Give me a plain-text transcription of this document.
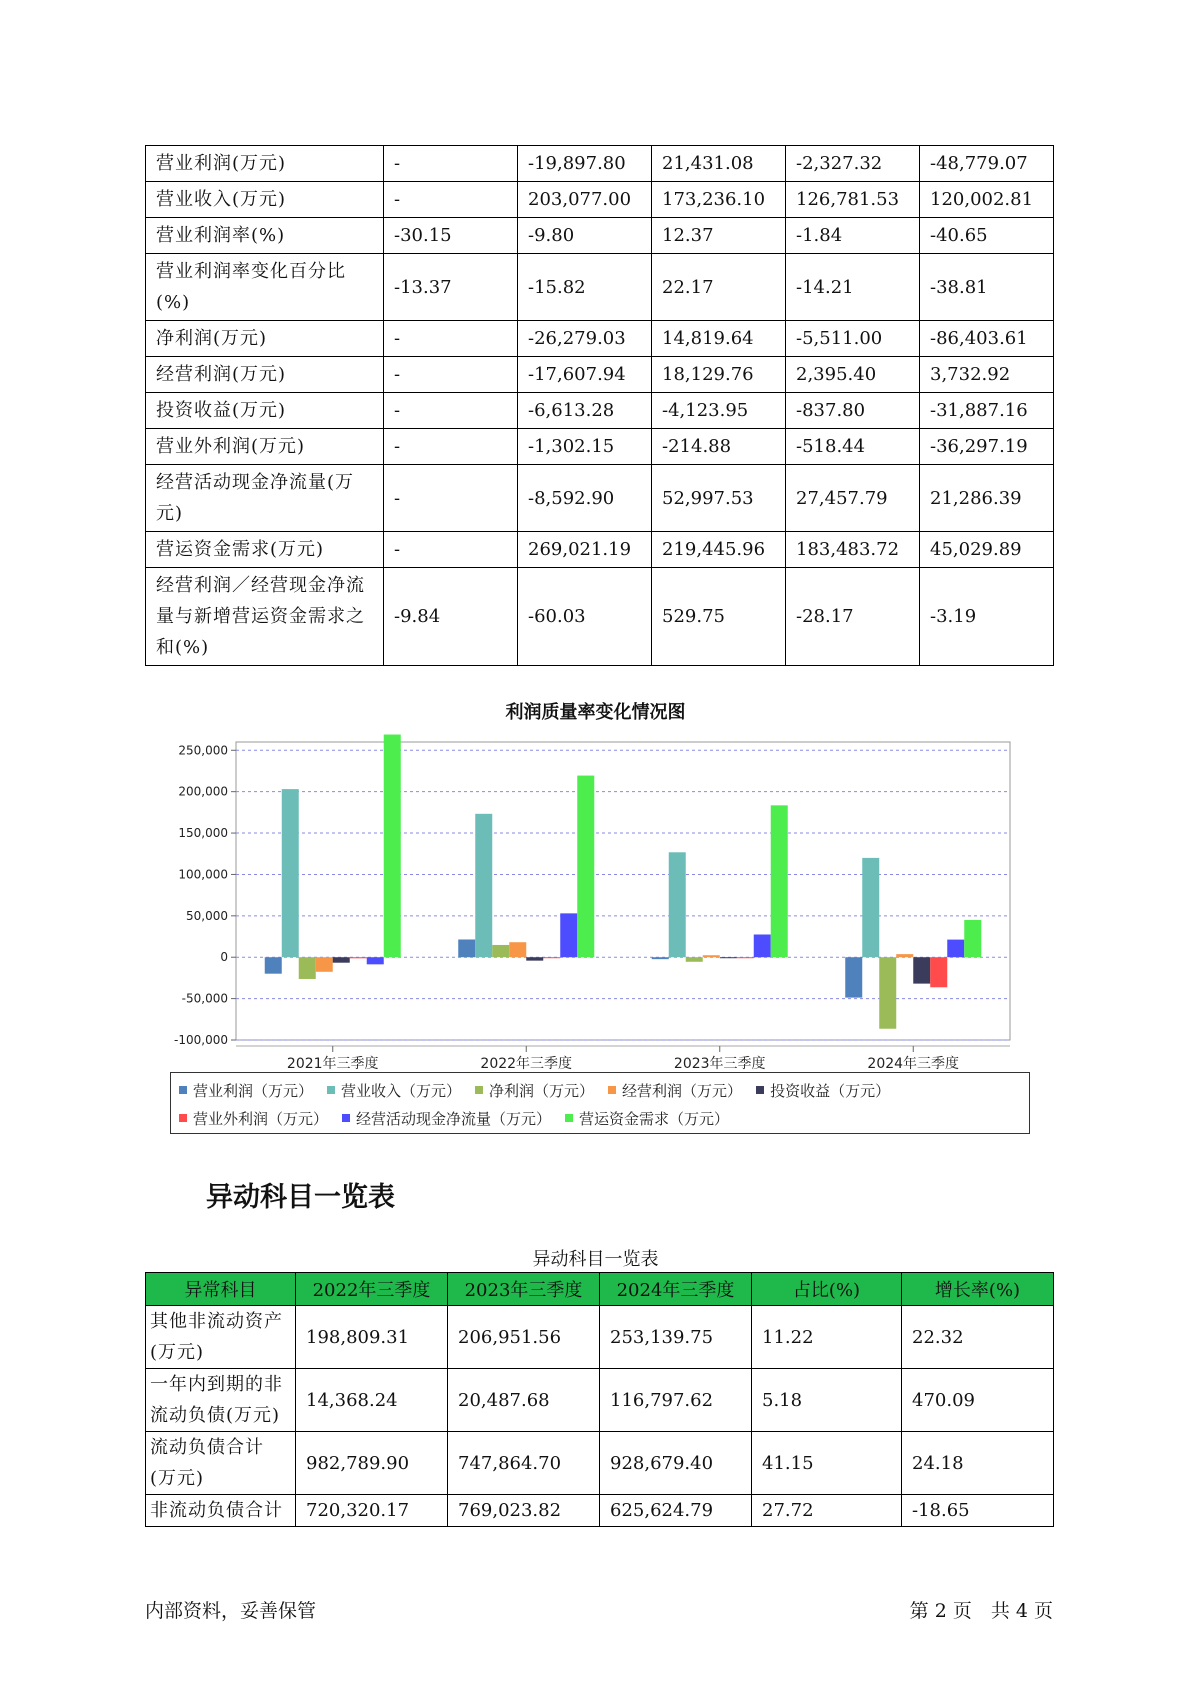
营业利润(万元)	-	-19,897.80	21,431.08	-2,327.32	-48,779.07
营业收入(万元)	-	203,077.00	173,236.10	126,781.53	120,002.81
营业利润率(%)	-30.15	-9.80	12.37	-1.84	-40.65
营业利润率变化百分比(%)	-13.37	-15.82	22.17	-14.21	-38.81
净利润(万元)	-	-26,279.03	14,819.64	-5,511.00	-86,403.61
经营利润(万元)	-	-17,607.94	18,129.76	2,395.40	3,732.92
投资收益(万元)	-	-6,613.28	-4,123.95	-837.80	-31,887.16
营业外利润(万元)	-	-1,302.15	-214.88	-518.44	-36,297.19
经营活动现金净流量(万元)	-	-8,592.90	52,997.53	27,457.79	21,286.39
营运资金需求(万元)	-	269,021.19	219,445.96	183,483.72	45,029.89
经营利润／经营现金净流量与新增营运资金需求之和(%)	-9.84	-60.03	529.75	-28.17	-3.19
利润质量率变化情况图
-100,000
-50,000
0
50,000
100,000
150,000
200,000
250,000
2021年三季度	2022年三季度	2023年三季度	2024年三季度
营业利润（万元） 营业收入（万元） 净利润（万元） 经营利润（万元） 投资收益（万元）
营业外利润（万元） 经营活动现金净流量（万元） 营运资金需求（万元）
异动科目一览表
异动科目一览表
异常科目	2022年三季度	2023年三季度	2024年三季度	占比(%)	增长率(%)
其他非流动资产(万元)	198,809.31	206,951.56	253,139.75	11.22	22.32
一年内到期的非流动负债(万元)	14,368.24	20,487.68	116,797.62	5.18	470.09
流动负债合计(万元)	982,789.90	747,864.70	928,679.40	41.15	24.18
非流动负债合计	720,320.17	769,023.82	625,624.79	27.72	-18.65
内部资料，妥善保管	第 2 页　共 4 页
